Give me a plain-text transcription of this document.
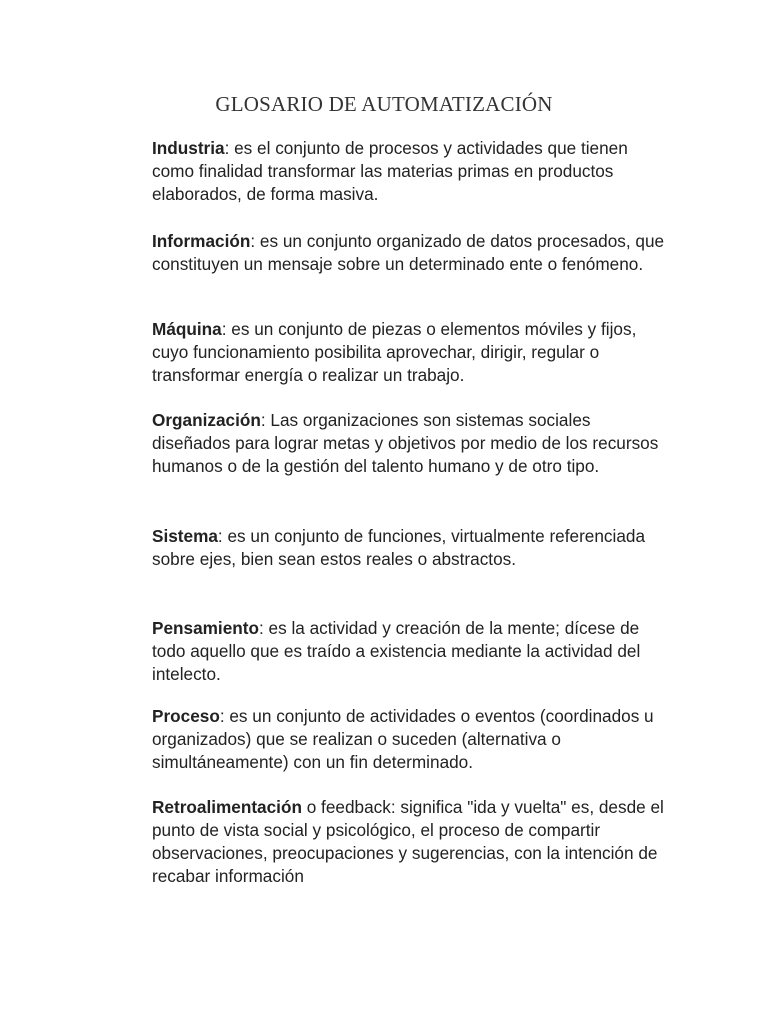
GLOSARIO DE AUTOMATIZACIÓN

Industria: es el conjunto de procesos y actividades que tienen como finalidad transformar las materias primas en productos elaborados, de forma masiva.

Información: es un conjunto organizado de datos procesados, que constituyen un mensaje sobre un determinado ente o fenómeno.

Máquina: es un conjunto de piezas o elementos móviles y fijos, cuyo funcionamiento posibilita aprovechar, dirigir, regular o transformar energía o realizar un trabajo.

Organización: Las organizaciones son sistemas sociales diseñados para lograr metas y objetivos por medio de los recursos humanos o de la gestión del talento humano y de otro tipo.

Sistema: es un conjunto de funciones, virtualmente referenciada sobre ejes, bien sean estos reales o abstractos.

Pensamiento: es la actividad y creación de la mente; dícese de todo aquello que es traído a existencia mediante la actividad del intelecto.

Proceso: es un conjunto de actividades o eventos (coordinados u organizados) que se realizan o suceden (alternativa o simultáneamente) con un fin determinado.

Retroalimentación o feedback: significa "ida y vuelta" es, desde el punto de vista social y psicológico, el proceso de compartir observaciones, preocupaciones y sugerencias, con la intención de recabar información
